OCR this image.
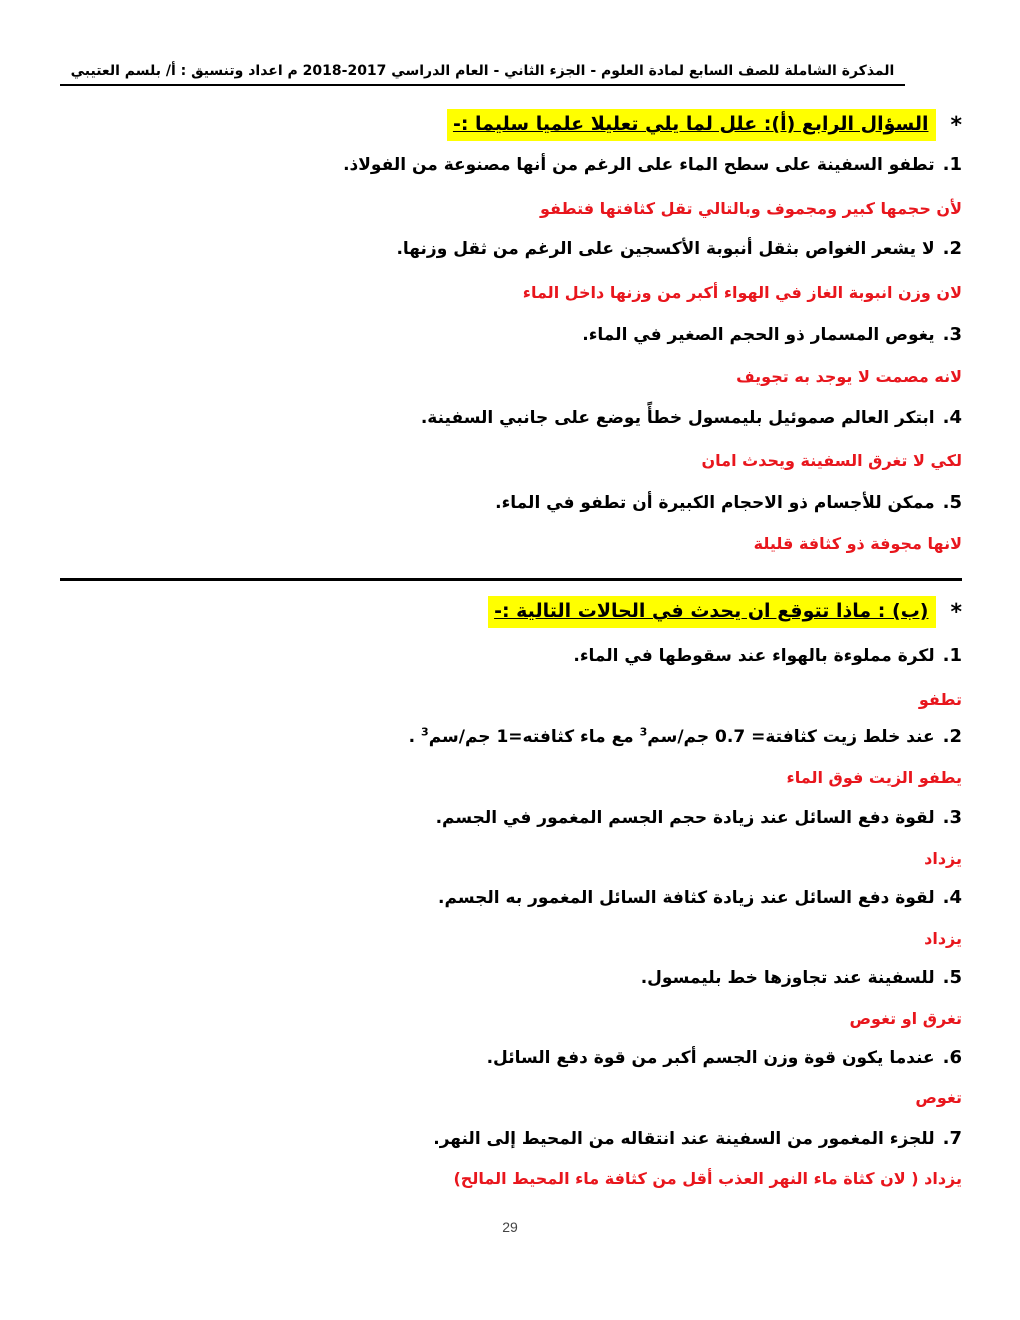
المذكرة الشاملة للصف السابع لمادة العلوم - الجزء الثاني - العام الدراسي 2017-2018 م اعداد وتنسيق : أ/ بلسم العتيبي
*
السؤال الرابع (أ): علل لما يلي تعليلا علميا سليما :-
1.تطفو السفينة على سطح الماء على الرغم من أنها مصنوعة من الفولاذ.
لأن حجمها كبير ومجموف وبالتالي تقل كثافتها فتطفو
2.لا يشعر الغواص بثقل أنبوبة الأكسجين على الرغم من ثقل وزنها.
لان وزن انبوبة الغاز في الهواء أكبر من وزنها داخل الماء
3.يغوص المسمار ذو الحجم الصغير في الماء.
لانه مصمت لا يوجد به تجويف
4.ابتكر العالم صموئيل بليمسول خطأً يوضع على جانبي السفينة.
لكي لا تغرق السفينة ويحدث امان
5.ممكن للأجسام ذو الاحجام الكبيرة أن تطفو في الماء.
لانها مجوفة ذو كثافة قليلة
*
(ب) : ماذا تتوقع ان يحدث في الحالات التالية :-
1.لكرة مملوءة بالهواء عند سقوطها في الماء.
تطفو
2.عند خلط زيت كثافتة= 0.7 جم/سم$^3$ مع ماء كثافته=1 جم/سم$^3$ .
يطفو الزيت فوق الماء
3.لقوة دفع السائل عند زيادة حجم الجسم المغمور في الجسم.
يزداد
4.لقوة دفع السائل عند زيادة كثافة السائل المغمور به الجسم.
يزداد
5.للسفينة عند تجاوزها خط بليمسول.
تغرق او تغوص
6.عندما يكون قوة وزن الجسم أكبر من قوة دفع السائل.
تغوص
7.للجزء المغمور من السفينة عند انتقاله من المحيط إلى النهر.
يزداد ( لان كثاة ماء النهر العذب أقل من كثافة ماء المحيط المالح)
29
